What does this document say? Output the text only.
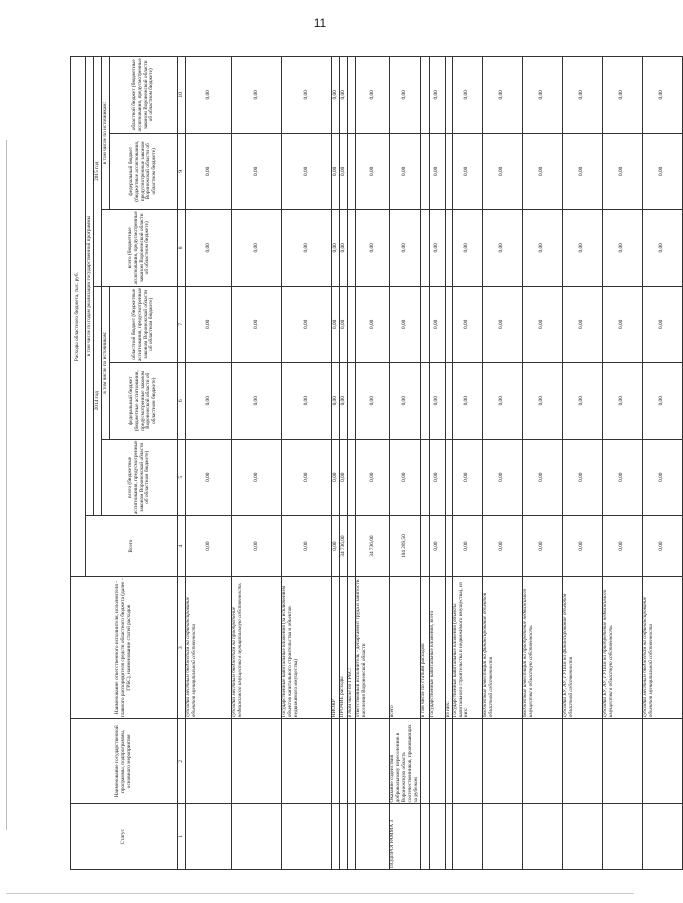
11
Статус	Наименование государственной программы, подпрограммы, основного мероприятия	Наименование ответственного исполнителя, исполнителя - главного распорядителя средств областного бюджета (далее - ГРБС), наименование статей расходов	Расходы областного бюджета, тыс. руб.						
			Всего	в том числе по годам реализации государственной программы					
				2014 год			2015 год		
				всего (бюджетные ассигнования, предусмотренные законом Воронежской области об областном бюджете)	в том числе по источникам:		всего (бюджетные ассигнования, предусмотренные законом Воронежской области об областном бюджете)	в том числе по источникам:	
					федеральный бюджет (бюджетные ассигнования, предусмотренные законом Воронежской области об областном бюджете)	областной бюджет (бюджетные ассигнования, предусмотренные законом Воронежской области об областном бюджете)		федеральный бюджет (бюджетные ассигнования, предусмотренные законом Воронежской области об областном бюджете)	областной бюджет (бюджетные ассигнования, предусмотренные законом Воронежской области об областном бюджете)
1	2	3	4	5	6	7	8	9	10
		субсидии местным бюджетам на софинансирование объектов муниципальной собственности	0,00	0,00	0,00	0,00	0,00	0,00	0,00
		субсидии местным бюджетам на приобретение недвижимого имущества в муниципальную собственность	0,00	0,00	0,00	0,00	0,00	0,00	0,00
		Государственные капитальные вложения (за исключением объектов капитального строительства и объектов недвижимого имущества)	0,00	0,00	0,00	0,00	0,00	0,00	0,00
		НИОКР	0,00	0,00	0,00	0,00	0,00	0,00	0,00
		ПРОЧИЕ расходы	34 736,00	0,00	0,00	0,00	0,00	0,00	0,00
		в том числе по ГРБС:							
		ответственный исполнитель - департамент труда и занятости населения Воронежской области	34 736,00	0,00	0,00	0,00	0,00	0,00	0,00
ПОДПРОГРАММА 3	Оказание содействия добровольному переселению в Воронежскую область соотечественников, проживающих за рубежом	всего	104 289,50	0,00	0,00	0,00	0,00	0,00	0,00
		в том числе по статьям расходов:							
		Государственные капитальные вложения, всего	0,00	0,00	0,00	0,00	0,00	0,00	0,00
		из них:							
		Государственные капитальные вложения (объекты капитального строительства и недвижимого имущества), из них:	0,00	0,00	0,00	0,00	0,00	0,00	0,00
		бюджетные инвестиции на финансирование объектов областной собственности	0,00	0,00	0,00	0,00	0,00	0,00	0,00
		бюджетные инвестиции на приобретение недвижимого имущества в областную собственность	0,00	0,00	0,00	0,00	0,00	0,00	0,00
		субсидии БУ, АУ, ГУПам на финансирование объектов областной собственности	0,00	0,00	0,00	0,00	0,00	0,00	0,00
		субсидии БУ, АУ, ГУПам на приобретение недвижимого имущества в областную собственность	0,00	0,00	0,00	0,00	0,00	0,00	0,00
		субсидии местным бюджетам на софинансирование объектов муниципальной собственности	0,00	0,00	0,00	0,00	0,00	0,00	0,00
